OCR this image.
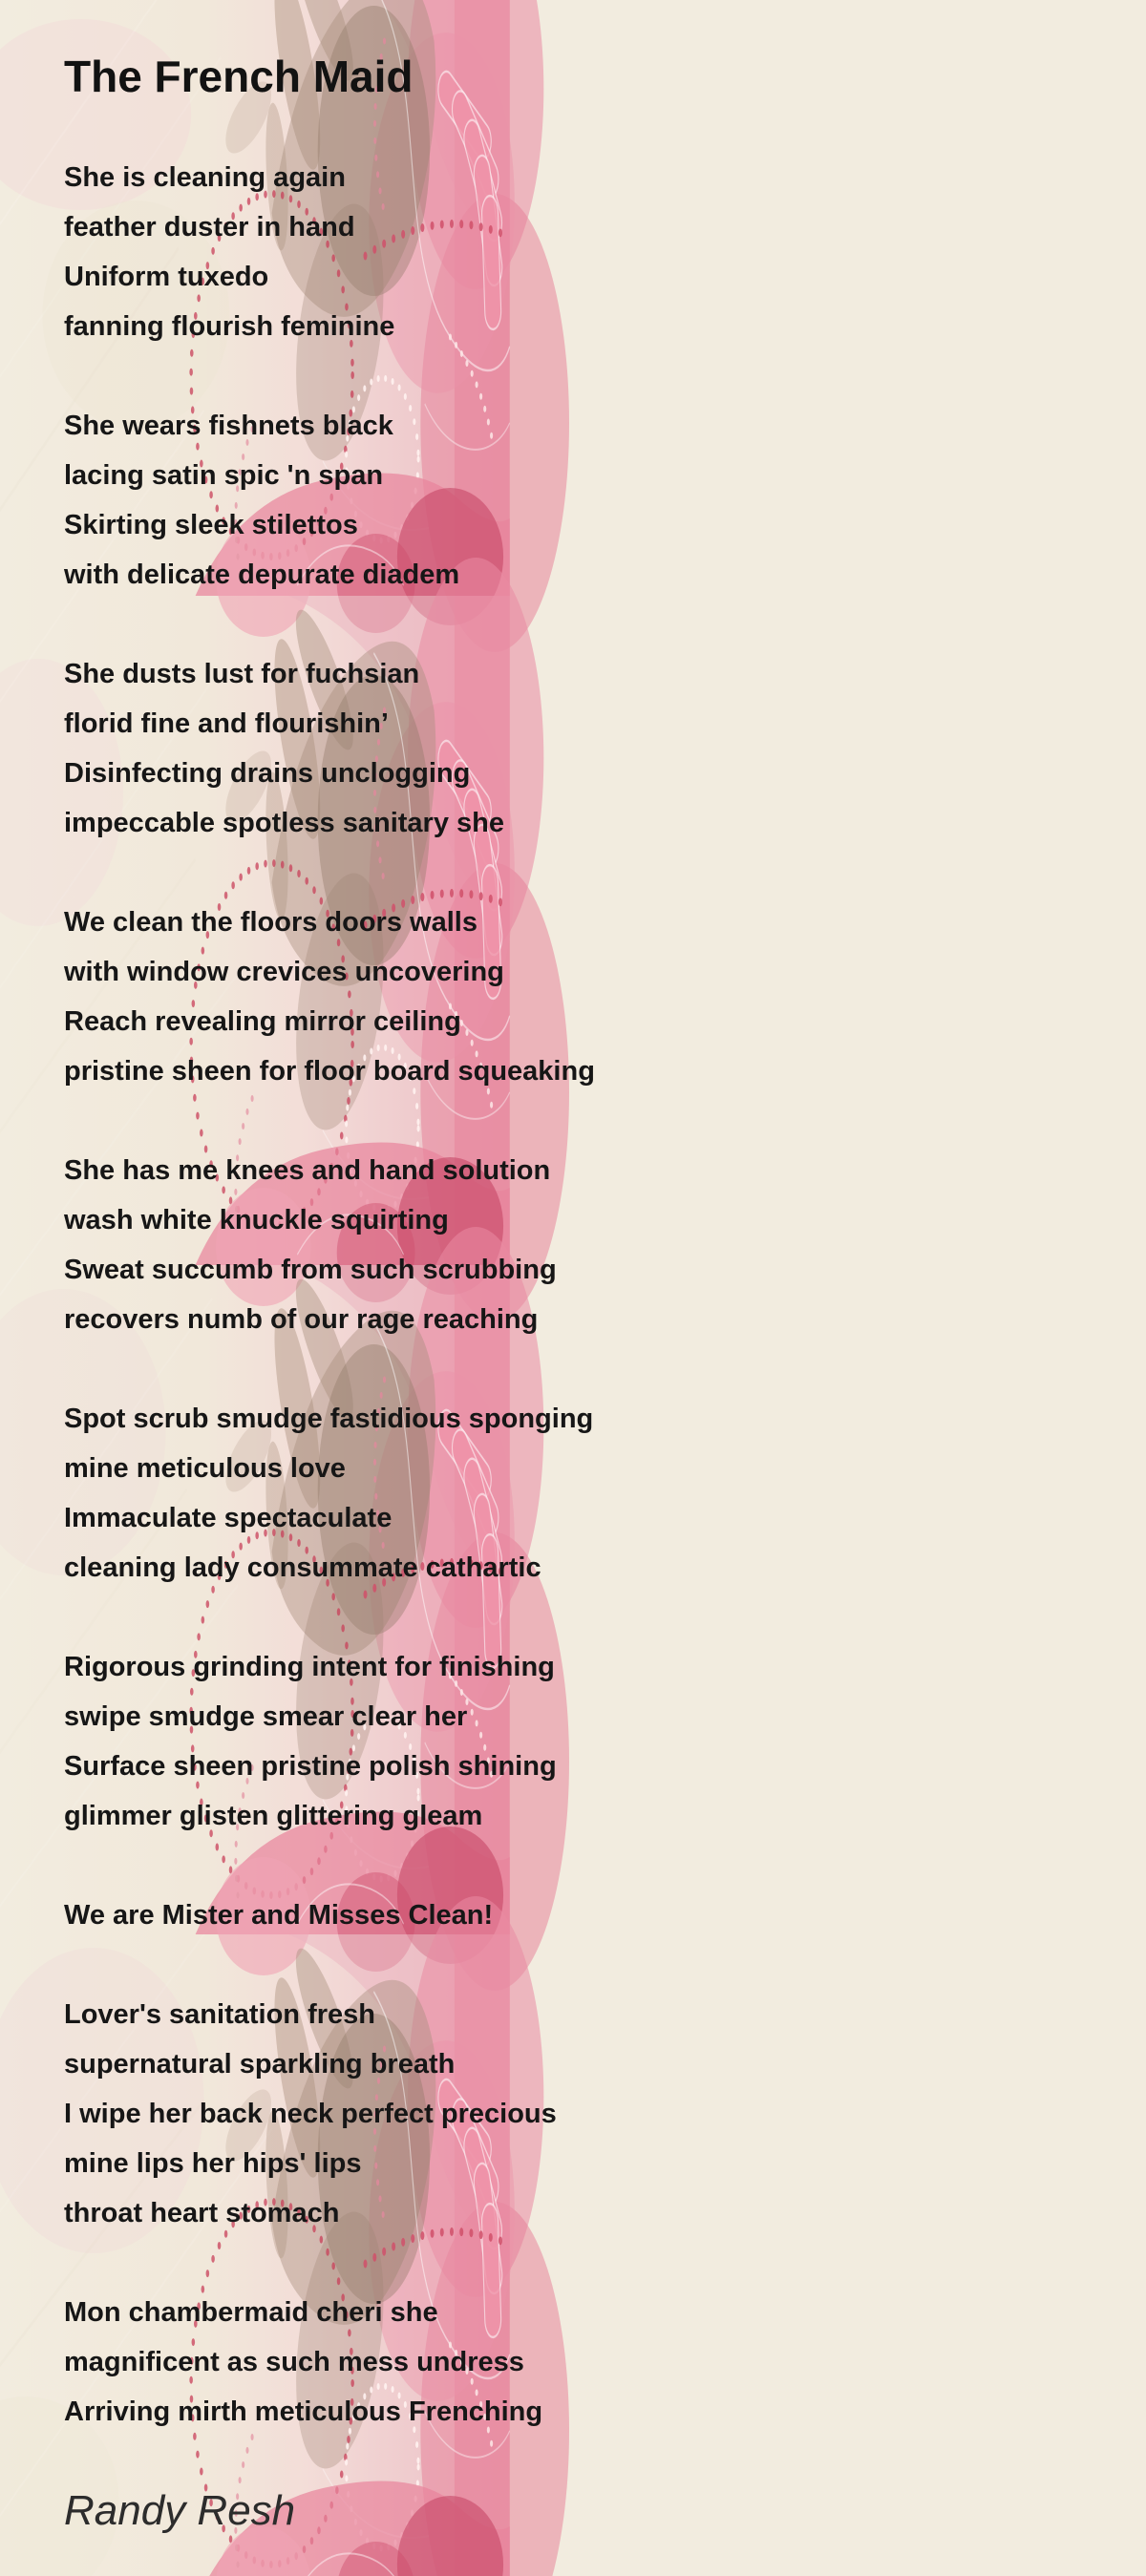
The French Maid
She is cleaning again
feather duster in hand
Uniform tuxedo
fanning flourish feminine
She wears fishnets black
lacing satin spic 'n span
Skirting sleek stilettos
with delicate depurate diadem
She dusts lust for fuchsian
florid fine and flourishin’
Disinfecting drains unclogging
impeccable spotless sanitary she
We clean the floors doors walls
with window crevices uncovering
Reach revealing mirror ceiling
pristine sheen for floor board squeaking
She has me knees and hand solution
wash white knuckle squirting
Sweat succumb from such scrubbing
recovers numb of our rage reaching
Spot scrub smudge fastidious sponging
mine meticulous love
Immaculate spectaculate
cleaning lady consummate cathartic
Rigorous grinding intent for finishing
swipe smudge smear clear her
Surface sheen pristine polish shining
glimmer glisten glittering gleam
We are Mister and Misses Clean!
Lover's sanitation fresh
supernatural sparkling breath
I wipe her back neck perfect precious
mine lips her hips' lips
throat heart stomach
Mon chambermaid cheri she
magnificent as such mess undress
Arriving mirth meticulous Frenching
Randy Resh
